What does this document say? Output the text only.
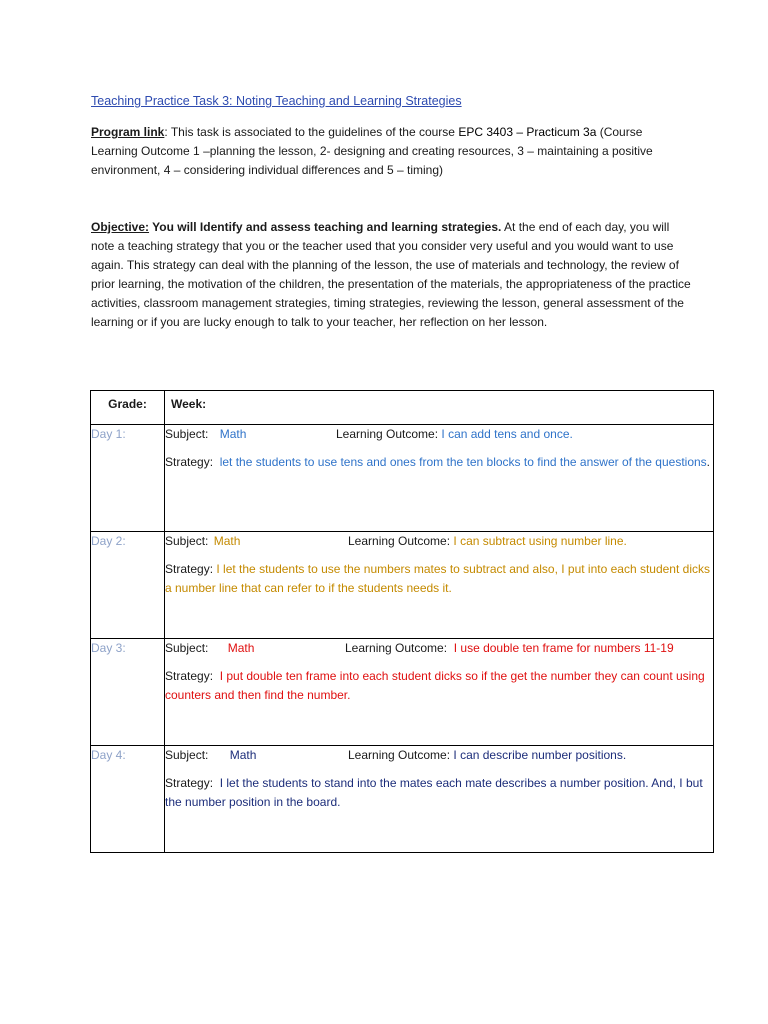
Teaching Practice Task 3: Noting Teaching and Learning Strategies

Program link: This task is associated to the guidelines of the course EPC 3403 – Practicum 3a (Course Learning Outcome 1 –planning the lesson, 2- designing and creating resources, 3 – maintaining a positive environment, 4 – considering individual differences and 5 – timing)

Objective: You will Identify and assess teaching and learning strategies. At the end of each day, you will note a teaching strategy that you or the teacher used that you consider very useful and you would want to use again. This strategy can deal with the planning of the lesson, the use of materials and technology, the review of prior learning, the motivation of the children, the presentation of the materials, the appropriateness of the practice activities, classroom management strategies, timing strategies, reviewing the lesson, general assessment of the learning or if you are lucky enough to talk to your teacher, her reflection on her lesson.

Grade:	Week:
Day 1:	Subject: Math Learning Outcome: I can add tens and once.
Strategy: let the students to use tens and ones from the ten blocks to find the answer of the questions.

Day 2:	Subject: Math Learning Outcome: I can subtract using number line.
Strategy: I let the students to use the numbers mates to subtract and also, I put into each student dicks a number line that can refer to if the students needs it.

Day 3:	Subject: Math Learning Outcome: I use double ten frame for numbers 11-19
Strategy: I put double ten frame into each student dicks so if the get the number they can count using counters and then find the number.

Day 4:	Subject: Math Learning Outcome: I can describe number positions.
Strategy: I let the students to stand into the mates each mate describes a number position. And, I but the number position in the board.
